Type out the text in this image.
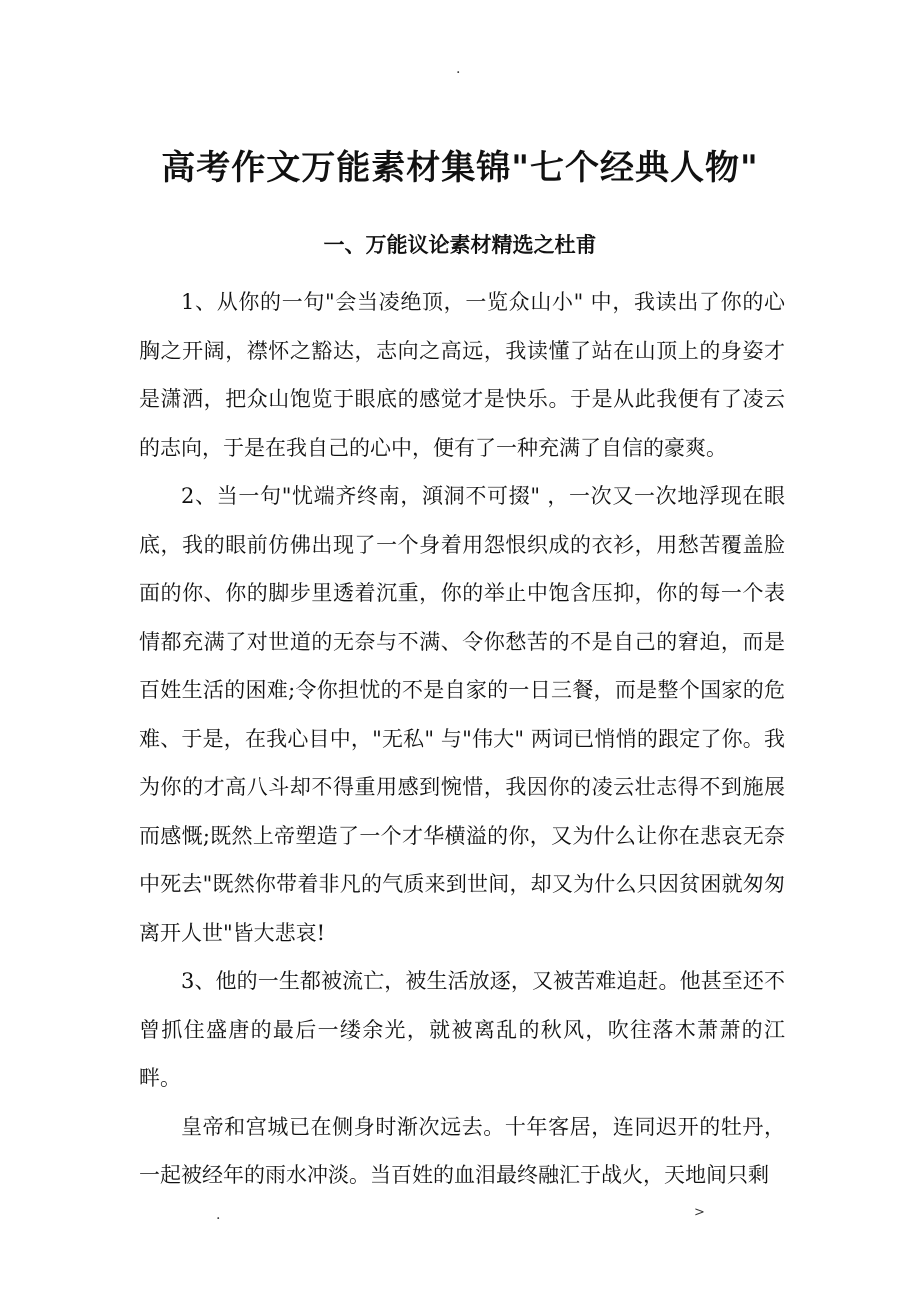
.
高考作文万能素材集锦"七个经典人物"
一、万能议论素材精选之杜甫

1、从你的一句"会当凌绝顶，一览众山小" 中，我读出了你的心胸之开阔，襟怀之豁达，志向之高远，我读懂了站在山顶上的身姿才是潇洒，把众山饱览于眼底的感觉才是快乐。于是从此我便有了凌云的志向，于是在我自己的心中，便有了一种充满了自信的豪爽。

2、当一句"忧端齐终南，澒洞不可掇" ，一次又一次地浮现在眼底，我的眼前仿佛出现了一个身着用怨恨织成的衣衫，用愁苦覆盖脸面的你、你的脚步里透着沉重，你的举止中饱含压抑，你的每一个表情都充满了对世道的无奈与不满、令你愁苦的不是自己的窘迫，而是百姓生活的困难;令你担忧的不是自家的一日三餐，而是整个国家的危难、于是，在我心目中，"无私" 与"伟大" 两词已悄悄的跟定了你。我为你的才高八斗却不得重用感到惋惜，我因你的凌云壮志得不到施展而感慨;既然上帝塑造了一个才华横溢的你，又为什么让你在悲哀无奈中死去"既然你带着非凡的气质来到世间，却又为什么只因贫困就匆匆离开人世"皆大悲哀!

3、他的一生都被流亡，被生活放逐，又被苦难追赶。他甚至还不曾抓住盛唐的最后一缕余光，就被离乱的秋风，吹往落木萧萧的江畔。

皇帝和宫城已在侧身时渐次远去。十年客居，连同迟开的牡丹，一起被经年的雨水冲淡。当百姓的血泪最终融汇于战火，天地间只剩

.	>
